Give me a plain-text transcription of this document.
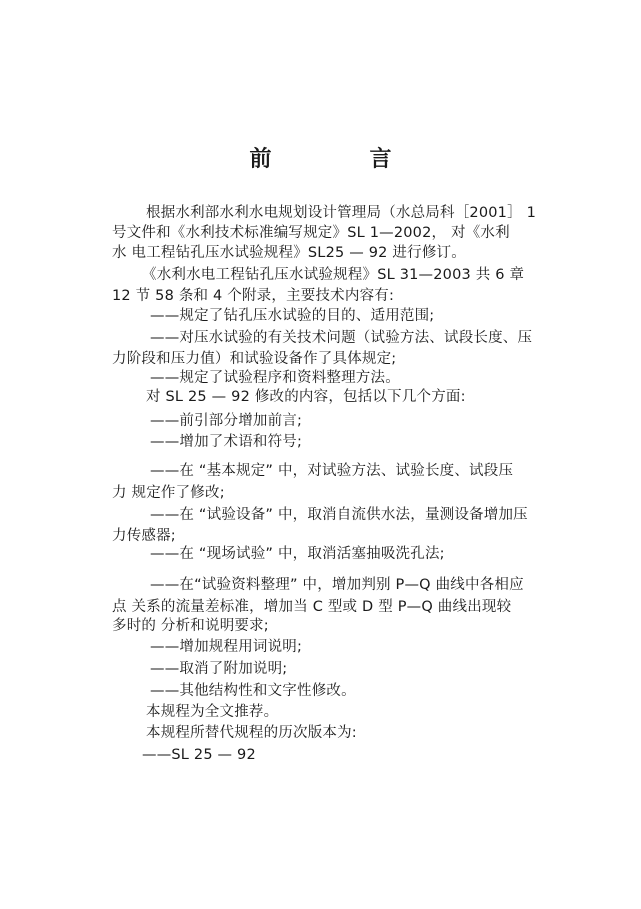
前　言
根据水利部水利水电规划设计管理局（水总局科［2001］ 1
号文件和《水利技术标准编写规定》SL 1—2002， 对《水利
水 电工程钻孔压水试验规程》SL25 — 92 进行修订。
《水利水电工程钻孔压水试验规程》SL 31—2003 共 6 章
12 节 58 条和 4 个附录，主要技术内容有:
——规定了钻孔压水试验的目的、适用范围;
——对压水试验的有关技术问题（试验方法、试段长度、压
力阶段和压力值）和试验设备作了具体规定;
——规定了试验程序和资料整理方法。
对 SL 25 — 92 修改的内容，包括以下几个方面:
——前引部分增加前言;
——增加了术语和符号;
——在 “基本规定” 中，对试验方法、试验长度、试段压
力 规定作了修改;
——在 “试验设备” 中，取消自流供水法，量测设备增加压
力传感器;
——在 “现场试验” 中，取消活塞抽吸洗孔法;
——在“试验资料整理” 中，增加判别 P—Q 曲线中各相应
点 关系的流量差标准，增加当 C 型或 D 型 P—Q 曲线出现较
多时的 分析和说明要求;
——增加规程用词说明;
——取消了附加说明;
——其他结构性和文字性修改。
本规程为全文推荐。
本规程所替代规程的历次版本为:
——SL 25 — 92
